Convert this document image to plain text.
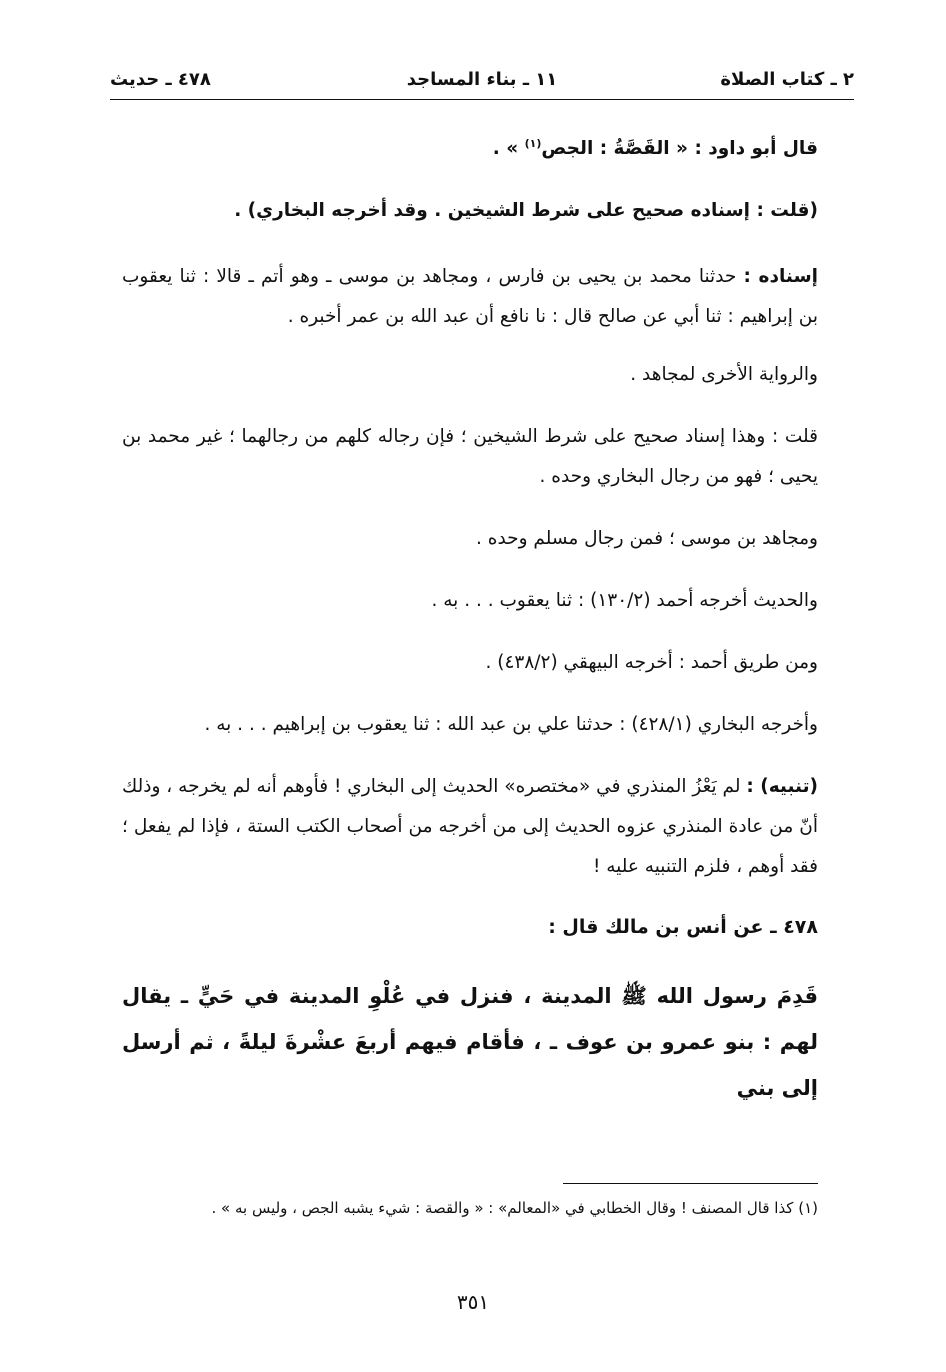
٢ ـ كتاب الصلاة
١١ ـ بناء المساجد
٤٧٨ ـ حديث

قال أبو داود : « القَصَّةُ : الجص$^{(١)}$ » .

(قلت : إسناده صحيح على شرط الشيخين . وقد أخرجه البخاري) .

إسناده : حدثنا محمد بن يحيى بن فارس ، ومجاهد بن موسى ـ وهو أتم ـ قالا : ثنا يعقوب بن إبراهيم : ثنا أبي عن صالح قال : نا نافع أن عبد الله بن عمر أخبره .

والرواية الأخرى لمجاهد .

قلت : وهذا إسناد صحيح على شرط الشيخين ؛ فإن رجاله كلهم من رجالهما ؛ غير محمد بن يحيى ؛ فهو من رجال البخاري وحده .

ومجاهد بن موسى ؛ فمن رجال مسلم وحده .

والحديث أخرجه أحمد (١٣٠/٢) : ثنا يعقوب . . . به .

ومن طريق أحمد : أخرجه البيهقي (٤٣٨/٢) .

وأخرجه البخاري (٤٢٨/١) : حدثنا علي بن عبد الله : ثنا يعقوب بن إبراهيم . . . به .

(تنبيه) : لم يَعْزُ المنذري في «مختصره» الحديث إلى البخاري ! فأوهم أنه لم يخرجه ، وذلك أنّ من عادة المنذري عزوه الحديث إلى من أخرجه من أصحاب الكتب الستة ، فإذا لم يفعل ؛ فقد أوهم ، فلزم التنبيه عليه !

٤٧٨ ـ عن أنس بن مالك قال :

قَدِمَ رسول الله ﷺ المدينة ، فنزل في عُلْوِ المدينة في حَيٍّ ـ يقال لهم : بنو عمرو بن عوف ـ ، فأقام فيهم أربعَ عشْرةَ ليلةً ، ثم أرسل إلى بني

(١) كذا قال المصنف ! وقال الخطابي في «المعالم» : « والقصة : شيء يشبه الجص ، وليس به » .

٣٥١
